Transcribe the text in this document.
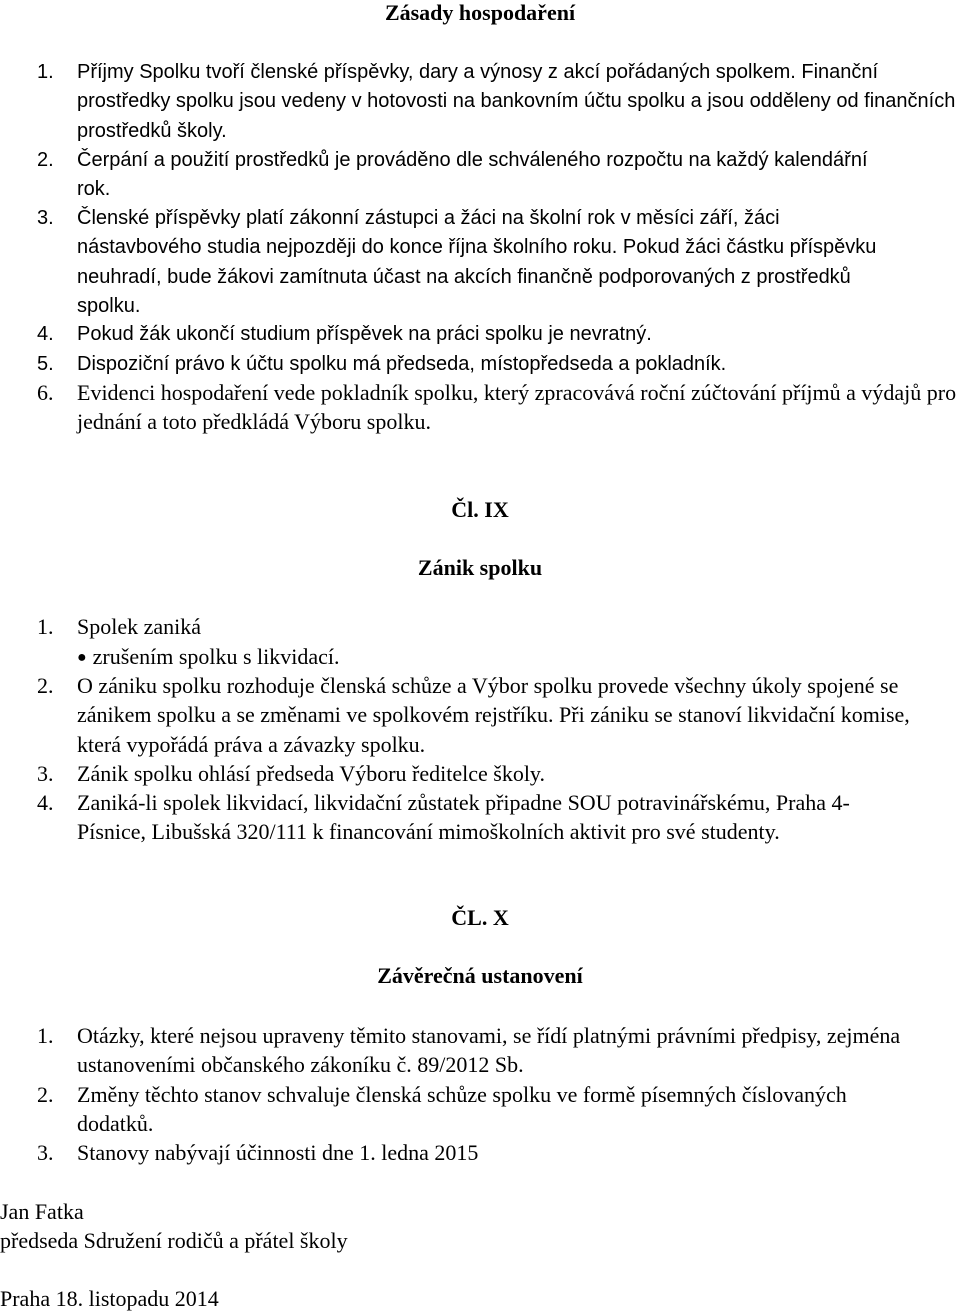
Zásady hospodaření
1.	Příjmy Spolku tvoří členské příspěvky, dary a výnosy z akcí pořádaných spolkem. Finanční prostředky spolku jsou vedeny v hotovosti na bankovním účtu spolku a jsou odděleny od finančních prostředků školy.
2.	Čerpání a použití prostředků je prováděno dle schváleného rozpočtu na každý kalendářní rok.
3.	Členské příspěvky platí zákonní zástupci a žáci na školní rok v měsíci září, žáci nástavbového studia nejpozději do konce října školního roku. Pokud žáci částku příspěvku neuhradí, bude žákovi zamítnuta účast na akcích finančně podporovaných z prostředků spolku.
4.	Pokud žák ukončí studium příspěvek na práci spolku je nevratný.
5.	Dispoziční právo k účtu spolku má předseda, místopředseda a pokladník.
6.	Evidenci hospodaření vede pokladník spolku, který zpracovává roční zúčtování příjmů a výdajů pro jednání a toto předkládá Výboru spolku.
Čl. IX
Zánik spolku
1. Spolek zaniká
● zrušením spolku s likvidací.
2.	O zániku spolku rozhoduje členská schůze a Výbor spolku provede všechny úkoly spojené se zánikem spolku a se změnami ve spolkovém rejstříku. Při zániku se stanoví likvidační komise, která vypořádá práva a závazky spolku.
3. Zánik spolku ohlásí předseda Výboru ředitelce školy.
4.	Zaniká-li spolek likvidací, likvidační zůstatek připadne SOU potravinářskému, Praha 4-Písnice, Libušská 320/111 k financování mimoškolních aktivit pro své studenty.
ČL. X
Závěrečná ustanovení
1.	Otázky, které nejsou upraveny těmito stanovami, se řídí platnými právními předpisy, zejména ustanoveními občanského zákoníku č. 89/2012 Sb.
2.	Změny těchto stanov schvaluje členská schůze spolku ve formě písemných číslovaných dodatků.
3. Stanovy nabývají účinnosti dne 1. ledna 2015
Jan Fatka
předseda Sdružení rodičů a přátel školy
Praha 18. listopadu 2014
